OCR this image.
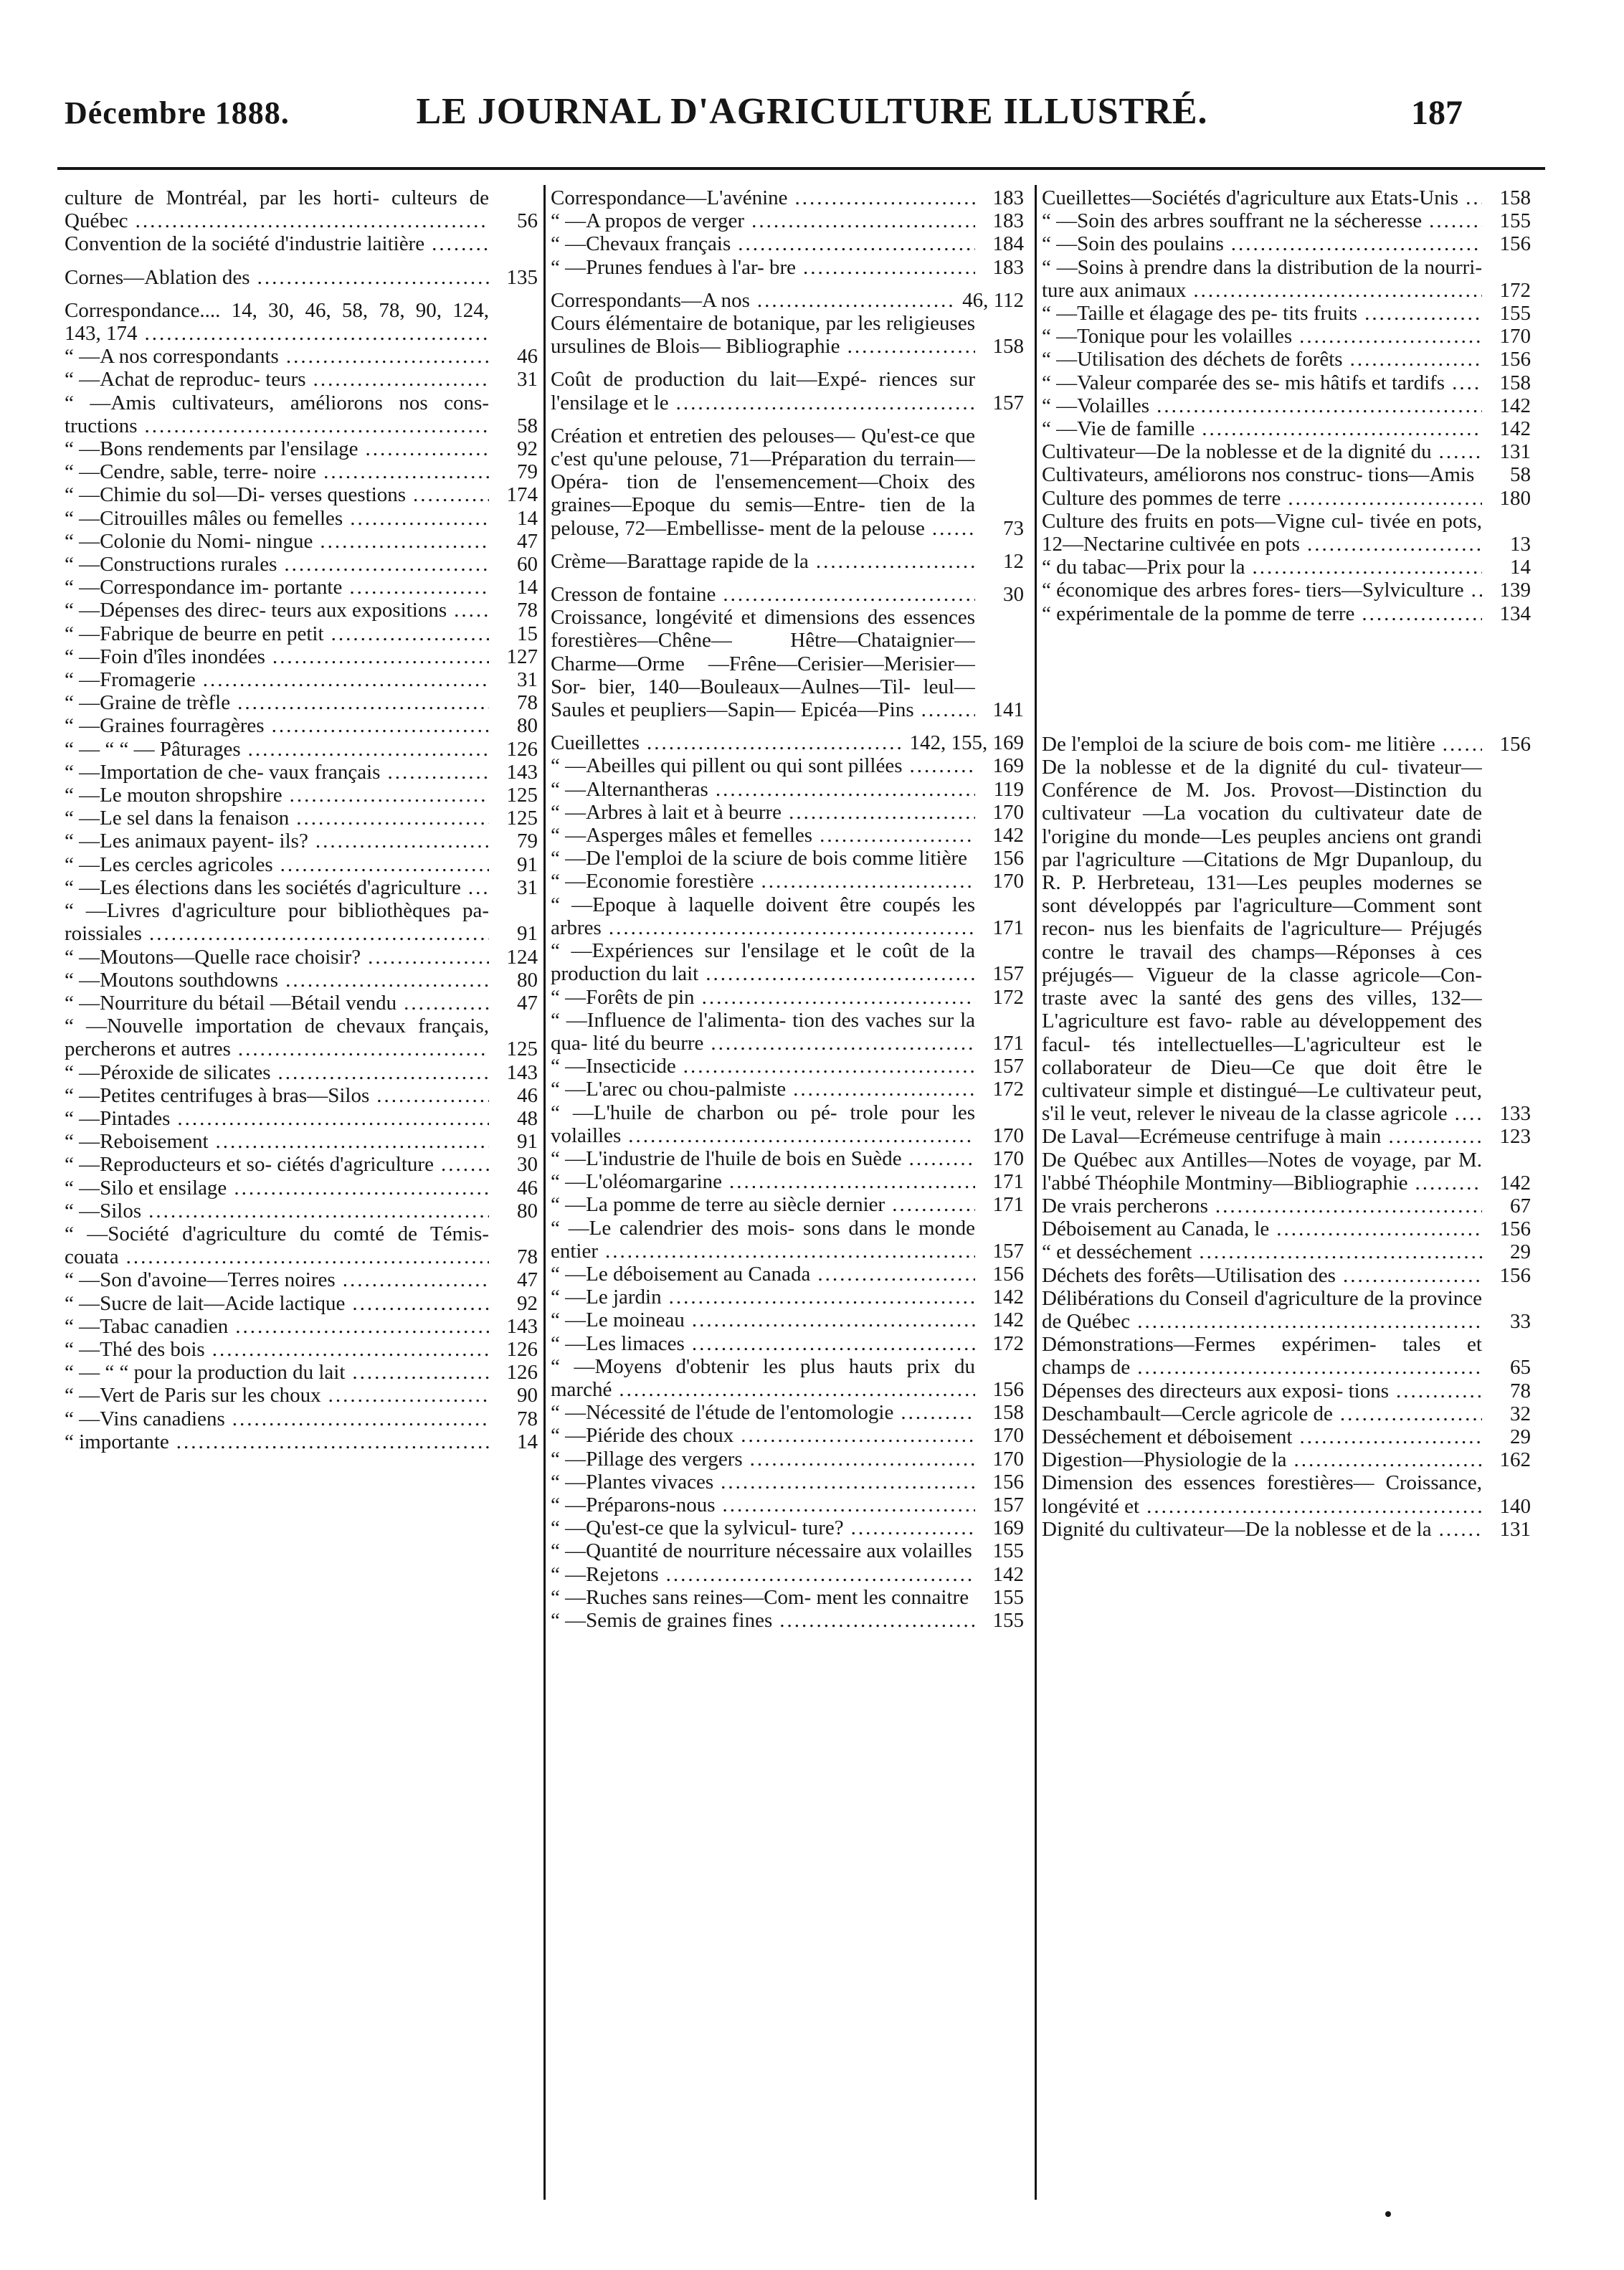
Décembre 1888.	LE JOURNAL D'AGRICULTURE ILLUSTRÉ.	187
culture de Montréal, par les horti- culteurs de Québec .....	56
Convention de la société d'industrie laitière .....
Cornes—Ablation des .....	135
Correspondance.... 14, 30, 46, 58, 78, 90, 124, 143, 174 .....
“ —A nos correspondants .....	46
“ —Achat de reproduc- teurs .....	31
“ —Amis cultivateurs, améliorons nos cons- tructions .....	58
“ —Bons rendements par l'ensilage .....	92
“ —Cendre, sable, terre- noire .....	79
“ —Chimie du sol—Di- verses questions .....	174
“ —Citrouilles mâles ou femelles .....	14
“ —Colonie du Nomi- ningue .....	47
“ —Constructions rurales .....	60
“ —Correspondance im- portante .....	14
“ —Dépenses des direc- teurs aux expositions .....	78
“ —Fabrique de beurre en petit .....	15
“ —Foin d'îles inondées .....	127
“ —Fromagerie .....	31
“ —Graine de trèfle .....	78
“ —Graines fourragères .....	80
“ — “ “ — Pâturages .....	126
“ —Importation de che- vaux français .....	143
“ —Le mouton shropshire .....	125
“ —Le sel dans la fenaison .....	125
“ —Les animaux payent- ils? .....	79
“ —Les cercles agricoles .....	91
“ —Les élections dans les sociétés d'agriculture .....	31
“ —Livres d'agriculture pour bibliothèques pa- roissiales .....	91
“ —Moutons—Quelle race choisir? .....	124
“ —Moutons southdowns .....	80
“ —Nourriture du bétail —Bétail vendu .....	47
“ —Nouvelle importation de chevaux français, percherons et autres .....	125
“ —Péroxide de silicates .....	143
“ —Petites centrifuges à bras—Silos .....	46
“ —Pintades .....	48
“ —Reboisement .....	91
“ —Reproducteurs et so- ciétés d'agriculture .....	30
“ —Silo et ensilage .....	46
“ —Silos .....	80
“ —Société d'agriculture du comté de Témis- couata .....	78
“ —Son d'avoine—Terres noires .....	47
“ —Sucre de lait—Acide lactique .....	92
“ —Tabac canadien .....	143
“ —Thé des bois .....	126
“ — “ “ pour la production du lait .....	126
“ —Vert de Paris sur les choux .....	90
“ —Vins canadiens .....	78
“ importante .....	14
Correspondance—L'avénine .....	183
“ —A propos de verger .....	183
“ —Chevaux français .....	184
“ —Prunes fendues à l'ar- bre .....	183
Correspondants—A nos .....	46, 112
Cours élémentaire de botanique, par les religieuses ursulines de Blois— Bibliographie .....	158
Coût de production du lait—Expé- riences sur l'ensilage et le .....	157
Création et entretien des pelouses— Qu'est-ce que c'est qu'une pelouse, 71—Préparation du terrain—Opéra- tion de l'ensemencement—Choix des graines—Epoque du semis—Entre- tien de la pelouse, 72—Embellisse- ment de la pelouse .....	73
Crème—Barattage rapide de la .....	12
Cresson de fontaine .....	30
Croissance, longévité et dimensions des essences forestières—Chêne— Hêtre—Chataignier—Charme—Orme —Frêne—Cerisier—Merisier—Sor- bier, 140—Bouleaux—Aulnes—Til- leul—Saules et peupliers—Sapin— Epicéa—Pins .....	141
Cueillettes .....	142, 155, 169
“ —Abeilles qui pillent ou qui sont pillées .....	169
“ —Alternantheras .....	119
“ —Arbres à lait et à beurre .....	170
“ —Asperges mâles et femelles .....	142
“ —De l'emploi de la sciure de bois comme litière .....	156
“ —Economie forestière .....	170
“ —Epoque à laquelle doivent être coupés les arbres .....	171
“ —Expériences sur l'ensilage et le coût de la production du lait .....	157
“ —Forêts de pin .....	172
“ —Influence de l'alimenta- tion des vaches sur la qua- lité du beurre .....	171
“ —Insecticide .....	157
“ —L'arec ou chou-palmiste .....	172
“ —L'huile de charbon ou pé- trole pour les volailles .....	170
“ —L'industrie de l'huile de bois en Suède .....	170
“ —L'oléomargarine .....	171
“ —La pomme de terre au siècle dernier .....	171
“ —Le calendrier des mois- sons dans le monde entier .....	157
“ —Le déboisement au Canada .....	156
“ —Le jardin .....	142
“ —Le moineau .....	142
“ —Les limaces .....	172
“ —Moyens d'obtenir les plus hauts prix du marché .....	156
“ —Nécessité de l'étude de l'entomologie .....	158
“ —Piéride des choux .....	170
“ —Pillage des vergers .....	170
“ —Plantes vivaces .....	156
“ —Préparons-nous .....	157
“ —Qu'est-ce que la sylvicul- ture? .....	169
“ —Quantité de nourriture nécessaire aux volailles ..... 155
“ —Rejetons .....	142
“ —Ruches sans reines—Com- ment les connaitre .....	155
“ —Semis de graines fines .....	155
Cueillettes—Sociétés d'agriculture aux Etats-Unis .....	158
“ —Soin des arbres souffrant ne la sécheresse .....	155
“ —Soin des poulains .....	156
“ —Soins à prendre dans la distribution de la nourri- ture aux animaux .....	172
“ —Taille et élagage des pe- tits fruits .....	155
“ —Tonique pour les volailles .....	170
“ —Utilisation des déchets de forêts .....	156
“ —Valeur comparée des se- mis hâtifs et tardifs .....	158
“ —Volailles .....	142
“ —Vie de famille .....	142
Cultivateur—De la noblesse et de la dignité du .....	131
Cultivateurs, améliorons nos construc- tions—Amis .....	58
Culture des pommes de terre .....	180
Culture des fruits en pots—Vigne cul- tivée en pots, 12—Nectarine cultivée en pots .....	13
“ du tabac—Prix pour la .....	14
“ économique des arbres fores- tiers—Sylviculture .....	139
“ expérimentale de la pomme de terre .....	134
De l'emploi de la sciure de bois com- me litière .....	156
De la noblesse et de la dignité du cul- tivateur— Conférence de M. Jos. Provost—Distinction du cultivateur —La vocation du cultivateur date de l'origine du monde—Les peuples anciens ont grandi par l'agriculture —Citations de Mgr Dupanloup, du R. P. Herbreteau, 131—Les peuples modernes se sont développés par l'agriculture—Comment sont recon- nus les bienfaits de l'agriculture— Préjugés contre le travail des champs—Réponses à ces préjugés— Vigueur de la classe agricole—Con- traste avec la santé des gens des villes, 132—L'agriculture est favo- rable au développement des facul- tés intellectuelles—L'agriculteur est le collaborateur de Dieu—Ce que doit être le cultivateur simple et distingué—Le cultivateur peut, s'il le veut, relever le niveau de la classe agricole .....	133
De Laval—Ecrémeuse centrifuge à main .....	123
De Québec aux Antilles—Notes de voyage, par M. l'abbé Théophile Montminy—Bibliographie .....	142
De vrais percherons .....	67
Déboisement au Canada, le .....	156
“ et desséchement .....	29
Déchets des forêts—Utilisation des .....	156
Délibérations du Conseil d'agriculture de la province de Québec .....	33
Démonstrations—Fermes expérimen- tales et champs de .....	65
Dépenses des directeurs aux exposi- tions .....	78
Deschambault—Cercle agricole de .....	32
Desséchement et déboisement .....	29
Digestion—Physiologie de la .....	162
Dimension des essences forestières— Croissance, longévité et .....	140
Dignité du cultivateur—De la noblesse et de la .....	131
